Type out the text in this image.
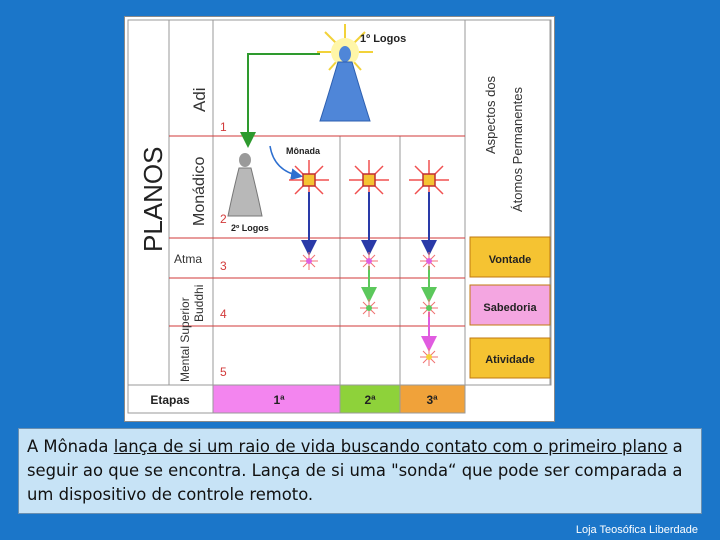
PLANOS
Adi
Monádico
Atma
Buddhi
Mental Superior
1
2
3
4
5
1º Logos
2º Logos
Mônada	Aspectos dos Átomos Permanentes
Vontade
Sabedoria
Atividade
Etapas	1ª	2ª	3ª
A Mônada lança de si um raio de vida buscando contato com o primeiro plano a seguir ao que se encontra. Lança de si uma "sonda“ que pode ser comparada a um dispositivo de controle remoto.
Loja Teosófica Liberdade
